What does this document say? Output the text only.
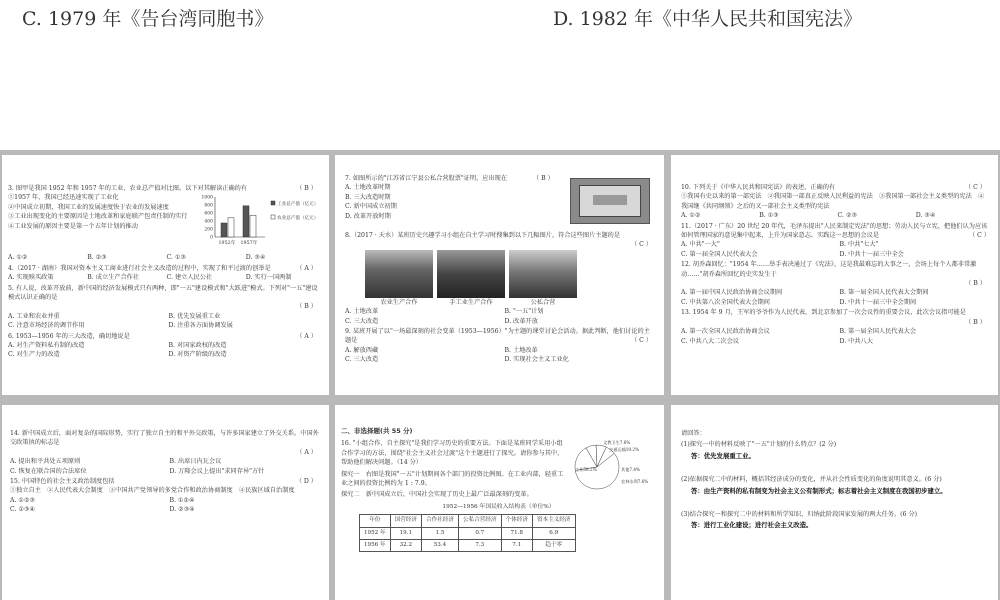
C. 1979 年《告台湾同胞书》	D. 1982 年《中华人民共和国宪法》
3. 图甲是我国 1952 年和 1957 年的工业、农业总产值对比图。以下对其解读正确的有	（ B ）
①1957 年，我国已经迅速实现了工业化
②中国成立初期，我国工业的发展速度快于农业的发展速度
③工业出现变化的主要原因是土地改革和家庭联产包责任制的实行
④工业发展的原因主要是第一个五年计划的推动
1000
800
600
400
200
0
1952年 1957年
工业总产值（亿元）
农业总产值（亿元）
A. ①②	B. ②③	C. ①③	D. ③④
4.（2017 · 湖南）我国对资本主义工商业进行社会主义改造的过程中，实现了和平过渡的创举是	（ A ）
A. 实现赎买政策	B. 成立生产合作社	C. 建立人民公社	D. 实行一国两制
5. 有人说，改革开放前，新中国的经济发展模式只有两种，即"一五"建设模式和"大跃进"模式。下列对"一五"建设模式认识正确的是
（ B ）
A. 工业和农业并重	B. 优先发展重工业
C. 注意市场经济的调节作用	D. 注重各方面协调发展
6. 1953—1956 年的三大改造，确切地说是	（ A ）
A. 对生产资料私有制的改造	B. 对国家政权的改造
C. 对生产力的改造	D. 对资产阶级的改造
7. 如图所示的"江苏省江宁县公私合营股票"证明，应出现在	（ B ）
A. 土地改革时期
B. 三大改造时期
C. 新中国成立初期
D. 改革开放时期
8.（2017 · 天水）某班历史兴趣学习小组在自主学习时搜集到以下几幅图片，符合这些图片主题的是
（ C ）
农业生产合作	手工业生产合作	公私合营
A. 土地改革	B. "一五"计划
C. 三大改造	D. 改革开放
9. 某班开展了以"一场最深刻的社会变革（1953—1956）"为主题的课堂讨论会活动。据此判断，他们讨论的主题是	（ C ）
A. 解放西藏	B. 土地改革
C. 三大改造	D. 实现社会主义工业化
10. 下列关于《中华人民共和国宪法》的表述，正确的有	（ C ）
①我国有史以来的第一部宪法　②我国第一部真正反映人民利益的宪法　③我国第一部社会主义类型的宪法　④我国继《共同纲领》之后的又一部社会主义类型的宪法
A. ①②	B. ①③	C. ②③	D. ③④
11.（2017 · 广东）20 世纪 20 年代，毛泽东提出"人民来制定宪法"的思想；劳动人民与立宪，把他们认为应该如何管理国家的意见集中起来，上升为国家意志。实践这一思想的会议是	（ C ）
A. 中共"一大"	B. 中共"七大"
C. 第一届全国人民代表大会	D. 中共十一届三中全会
12. 胡乔森回忆："1954 年……举手表决通过了《宪法》，这是我最难忘的大事之一，会场上每个人都非常激动……"胡乔森所回忆的史实发生于
（ B ）
A. 第一届中国人民政治协商会议期间	B. 第一届全国人民代表大会期间
C. 中共第八次全国代表大会期间	D. 中共十一届三中全会期间
13. 1954 年 9 月，王军的爷爷作为人民代表，到北京参加了一次会议性的重要会议，此次会议指可能是
（ B ）
A. 第一次全国人民政治协商会议	B. 第一届全国人民代表大会
C. 中共八大二次会议	D. 中共八大
14. 新中国成立后，面对复杂的国际形势，实行了独立自主的和平外交政策，与许多国家建立了外交关系。中国外交政策执的标志是
（ A ）
A. 提出和平共处五项原则	B. 出席日内瓦会议
C. 恢复在联合国的合法席位	D. 万隆会议上提出"求同存异"方针
15. 中国特色的社会主义政治制度包括	（ D ）
①独立自主　②人民代表大会制度　③中国共产党领导的多党合作和政治协商制度　④民族区域自治制度
A. ①②③	B. ①②④
C. ①③④	D. ②③④
二、非选择题(共 55 分)
16. "小组合作，自主探究"是我们学习历史的重要方法。下面是某班同学采用小组合作学习的方法，围绕"社会主义社会过渡"这个主题进行了探究。请你参与其中，帮助他们解决问题。（14 分）
探究一　右图是我国"一五"计划期间各个部门的投资比例图。在工业内部，轻重工业之间的投资比例约为 1 : 7.9。
文教卫生7.6%
交通运输19.2%
其他7.4%
农林水利7.6%
工业58.2%
探究二　新中国成立后，中国社会实现了历史上最广泛最深刻的变革。
1952—1956 年国民收入结构表（单位%）
年份	国营经济	合作社经济	公私合营经济	个体经济	资本主义经济
1952 年	19.1	1.5	0.7	71.8	6.9
1956 年	32.2	53.4	7.3	7.1	趋于零
请回答：
(1)探究一中的材料反映了"一五"计划的什么特点？(2 分)
答：优先发展重工业。
(2)依据探究二中的材料，概括其经济成分的变化，并从社会性质变化的角度说明其意义。(6 分)
答：由生产资料的私有制变为社会主义公有制形式；标志着社会主义制度在我国初步建立。
(3)结合探究一和探究二中的材料和所学知识，归纳此阶段国家发展的两大任务。(6 分)
答：进行工业化建设；进行社会主义改造。
